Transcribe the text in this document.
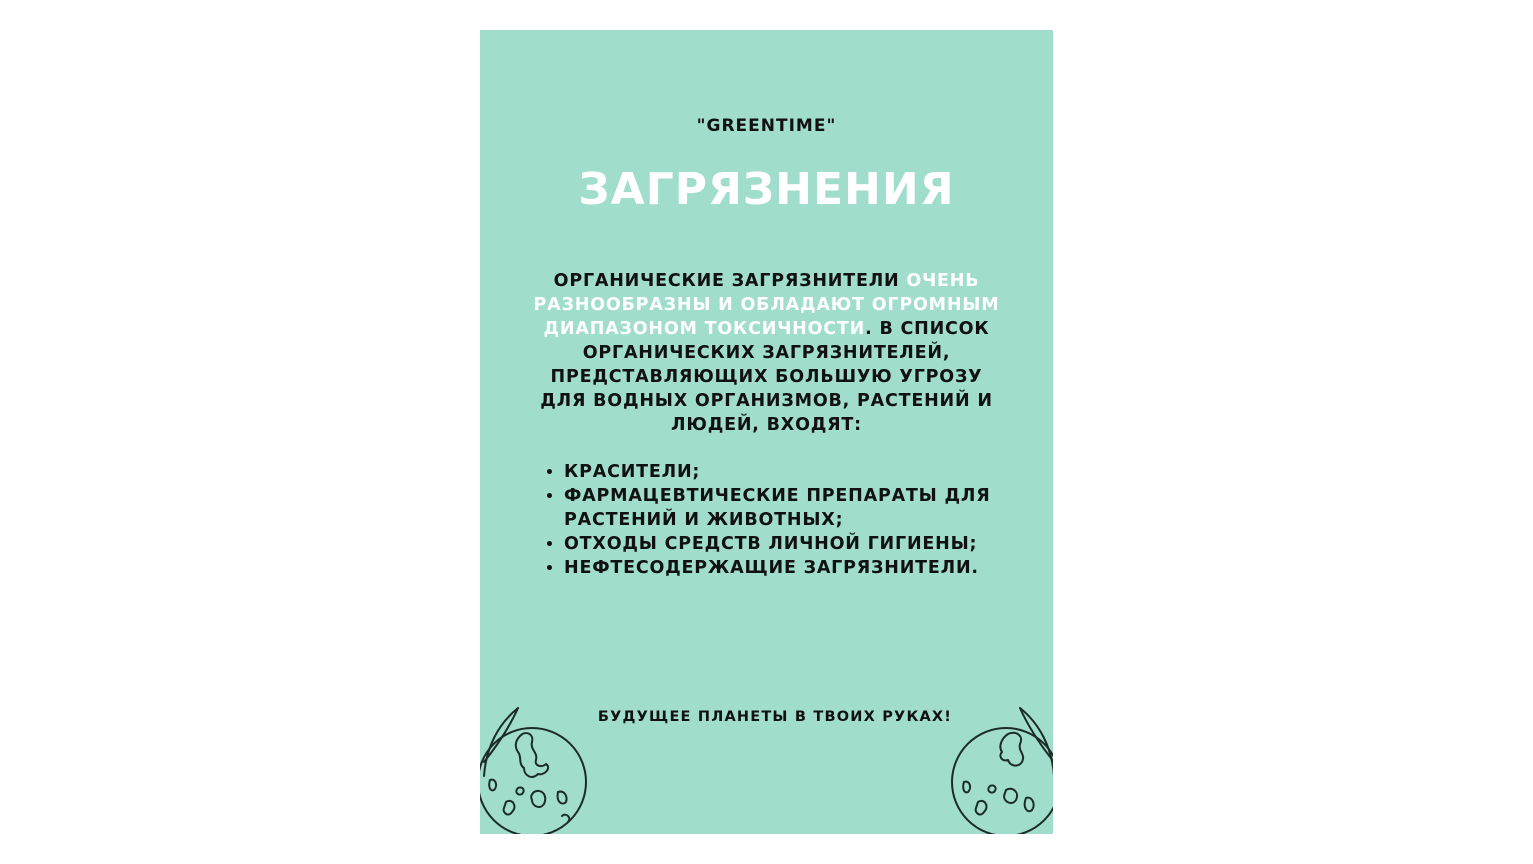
"GREENTIME"
ЗАГРЯЗНЕНИЯ
ОРГАНИЧЕСКИЕ ЗАГРЯЗНИТЕЛИ ОЧЕНЬ РАЗНООБРАЗНЫ И ОБЛАДАЮТ ОГРОМНЫМ ДИАПАЗОНОМ ТОКСИЧНОСТИ. В СПИСОК ОРГАНИЧЕСКИХ ЗАГРЯЗНИТЕЛЕЙ, ПРЕДСТАВЛЯЮЩИХ БОЛЬШУЮ УГРОЗУ ДЛЯ ВОДНЫХ ОРГАНИЗМОВ, РАСТЕНИЙ И ЛЮДЕЙ, ВХОДЯТ:
• КРАСИТЕЛИ;
• ФАРМАЦЕВТИЧЕСКИЕ ПРЕПАРАТЫ ДЛЯ РАСТЕНИЙ И ЖИВОТНЫХ;
• ОТХОДЫ СРЕДСТВ ЛИЧНОЙ ГИГИЕНЫ;
• НЕФТЕСОДЕРЖАЩИЕ ЗАГРЯЗНИТЕЛИ.
БУДУЩЕЕ ПЛАНЕТЫ В ТВОИХ РУКАХ!
